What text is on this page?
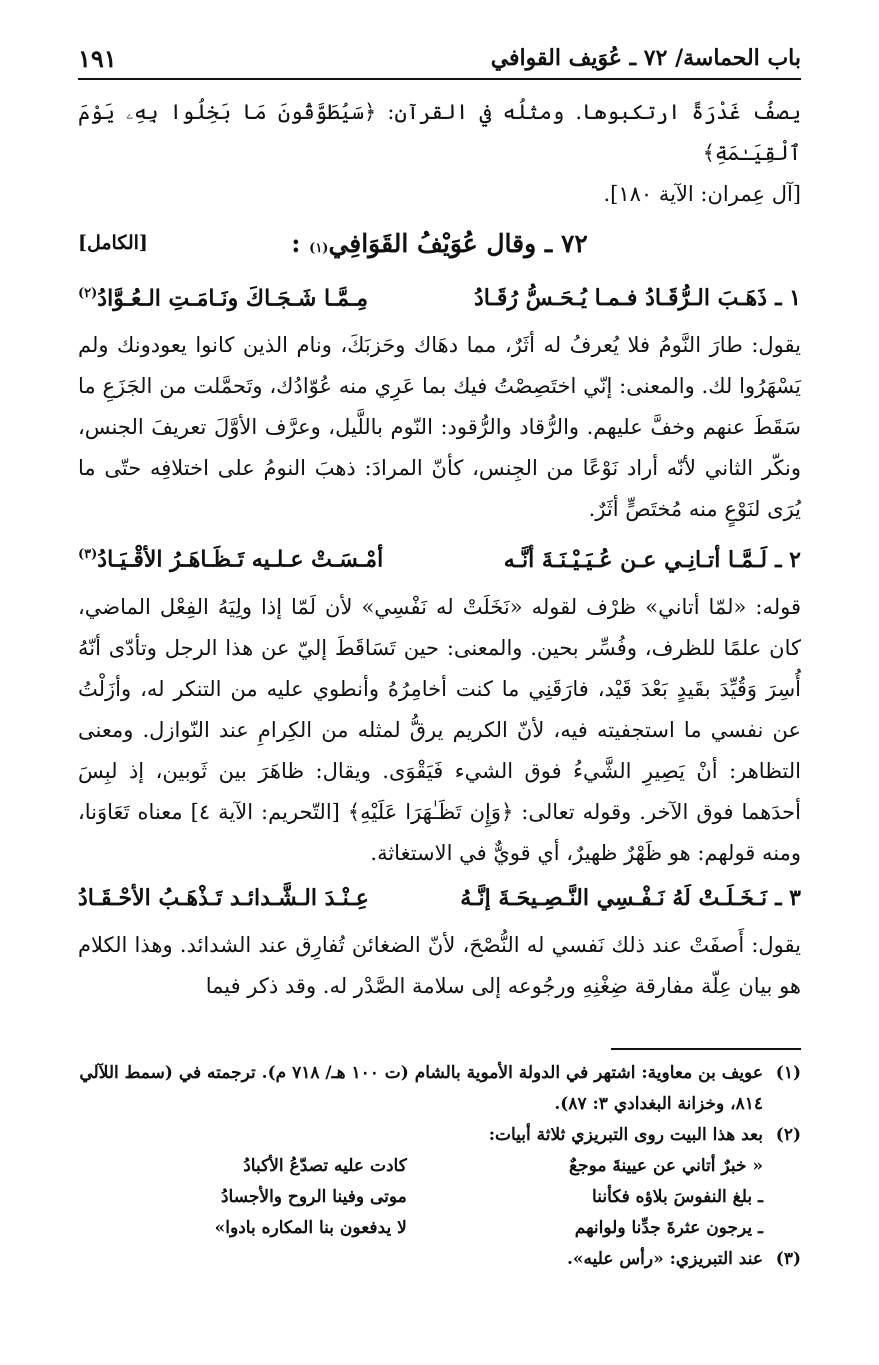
باب الحماسة/ ٧٢ ـ عُوَيف القوافي
١٩١

يصفُ غَدْرَةً ارتكبوها. ومثلُه في القرآن: ﴿سَيُطَوَّقُونَ مَا بَخِلُوا بِهِۦ يَوْمَ ٱلْقِيَـٰمَةِ﴾

[آل عِمران: الآية ١٨٠].

٧٢ ـ وقال عُوَيْفُ القَوَافِي
(١)

:
[الكامل]
١ ـ
ذَهَـبَ الـرُّقَـادُ فـمـا يُـحَـسُّ رُقَـادُ
مِـمَّـا شَـجَـاكَ ونَـامَـتِ الـعُـوَّادُ$^{(٢)}$

يقول: طارَ النَّومُ فلا يُعرفُ له أثَرٌ، مما دهَاك وحَزبَكَ، ونام الذين كانوا يعودونك ولم يَسْهَرُوا لك. والمعنى: إنّي اختَصِصْتُ فيك بما عَرِي منه عُوّادُك، وتَحمَّلت من الجَزَعِ ما سَقَطَ عنهم وخفَّ عليهم. والرُّقاد والرُّقود: النّوم باللَّيل، وعرَّف الأوَّلَ تعريفَ الجنس، ونكّر الثاني لأنّه أراد نَوْعًا من الجِنس، كأنّ المرادَ: ذهبَ النومُ على اختلافِه حتّى ما يُرَى لنَوْعٍ منه مُختَصٍّ أثَرٌ.

٢ ـ
لَـمَّـا أتـانِـي عـن عُـيَـيْـنَـةَ أنَّـه
أمْـسَـتْ عـلـيه تَـظَـاهَـرُ الأقْـيَـادُ$^{(٣)}$

قوله: «لمّا أتاني» ظرْف لقوله «نَخَلَتْ له نَفْسِي» لأن لَمّا إذا ولِيَهُ الفِعْل الماضي، كان علمًا للظرف، وفُسِّر بحين. والمعنى: حين تَسَاقَطَ إليّ عن هذا الرجل وتأدّى أنّهُ أُسِرَ وَقُيِّدَ بقَيدٍ بَعْدَ قَيْد، فارَقَنِي ما كنت أخامِرُهُ وأنطوي عليه من التنكر له، وأزَلْتُ عن نفسي ما استجفيته فيه، لأنّ الكريم يرقُّ لمثله من الكِرامِ عند النّوازل. ومعنى التظاهر: أنْ يَصِيرِ الشَّيءُ فوق الشيء فَيَقْوَى. ويقال: ظاهَرَ بين ثَوبين، إذ لبِسَ أحدَهما فوق الآخر. وقوله تعالى: ﴿وَإِن تَظَـٰهَرَا عَلَيْهِ﴾ [التّحريم: الآية ٤] معناه تَعَاوَنا، ومنه قولهم: هو ظَهْرٌ ظهيرٌ، أي قويٌّ في الاستغاثة.

٣ ـ
نَـخَـلَـتْ لَهُ نَـفْـسِي النَّـصِـيحَـةَ إنَّـهُ
عِـنْـدَ الـشَّـدائـد تَـذْهَـبُ الأحْـقَـادُ

يقول: أَصفَتْ عند ذلك نَفسي له النُّصْحَ، لأنّ الضغائن تُفارِق عند الشدائد. وهذا الكلام هو بيان عِلّة مفارقة ضِغْنِهِ ورجُوعه إلى سلامة الصَّدْر له. وقد ذكر فيما

(١)
عويف بن معاوية: اشتهر في الدولة الأموية بالشام (ت ١٠٠ هـ/ ٧١٨ م). ترجمته في (سمط اللآلي ٨١٤، وخزانة البغدادي ٣: ٨٧).
(٢)
بعد هذا البيت روى التبريزي ثلاثة أبيات:
« خبرٌ أتاني عن عيينةَ موجعٌ
كادت عليه تصدّعُ الأكبادُ
ـ بلغ النفوسَ بلاؤه فكأننا
موتى وفينا الروح والأجسادُ
ـ يرجون عثرةَ جدِّنا ولوانهم
لا يدفعون بنا المكاره بادوا»
(٣)
عند التبريزي: «رأس عليه».
